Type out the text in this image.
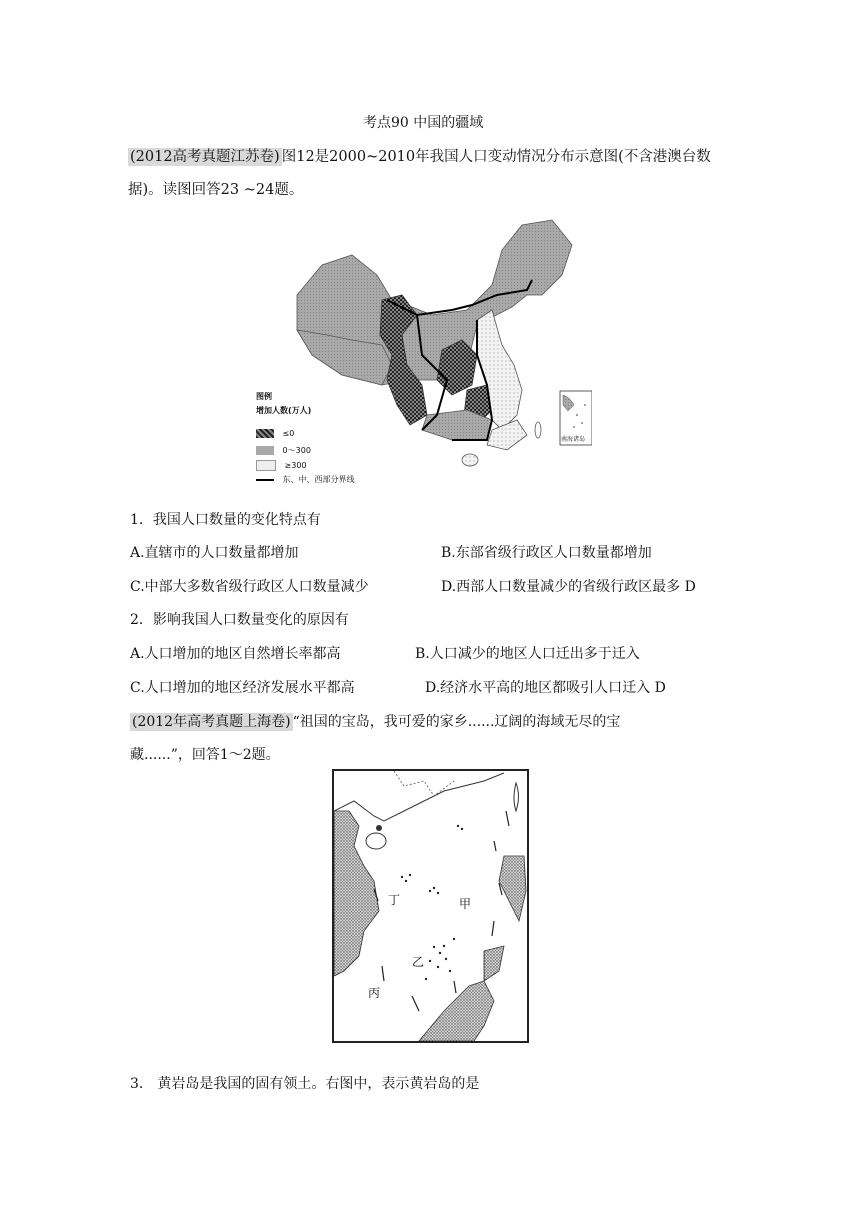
考点90 中国的疆域
(2012高考真题江苏卷) 图12是2000~2010年我国人口变动情况分布示意图(不含港澳台数
据)。读图回答23 ~24题。
图例
增加人数(万人)
≤0
0～300
≥300
东、中、西部分界线
南海诸岛
1．我国人口数量的变化特点有
A.直辖市的人口数量都增加	B.东部省级行政区人口数量都增加
C.中部大多数省级行政区人口数量减少	D.西部人口数量减少的省级行政区最多 D
2．影响我国人口数量变化的原因有
A.人口增加的地区自然增长率都高	B.人口减少的地区人口迁出多于迁入
C.人口增加的地区经济发展水平都高	D.经济水平高的地区都吸引人口迁入 D
(2012年高考真题上海卷) “祖国的宝岛，我可爱的家乡......辽阔的海域无尽的宝
藏......”，回答1～2题。
甲
丁
乙
丙
3． 黄岩岛是我国的固有领土。右图中，表示黄岩岛的是
